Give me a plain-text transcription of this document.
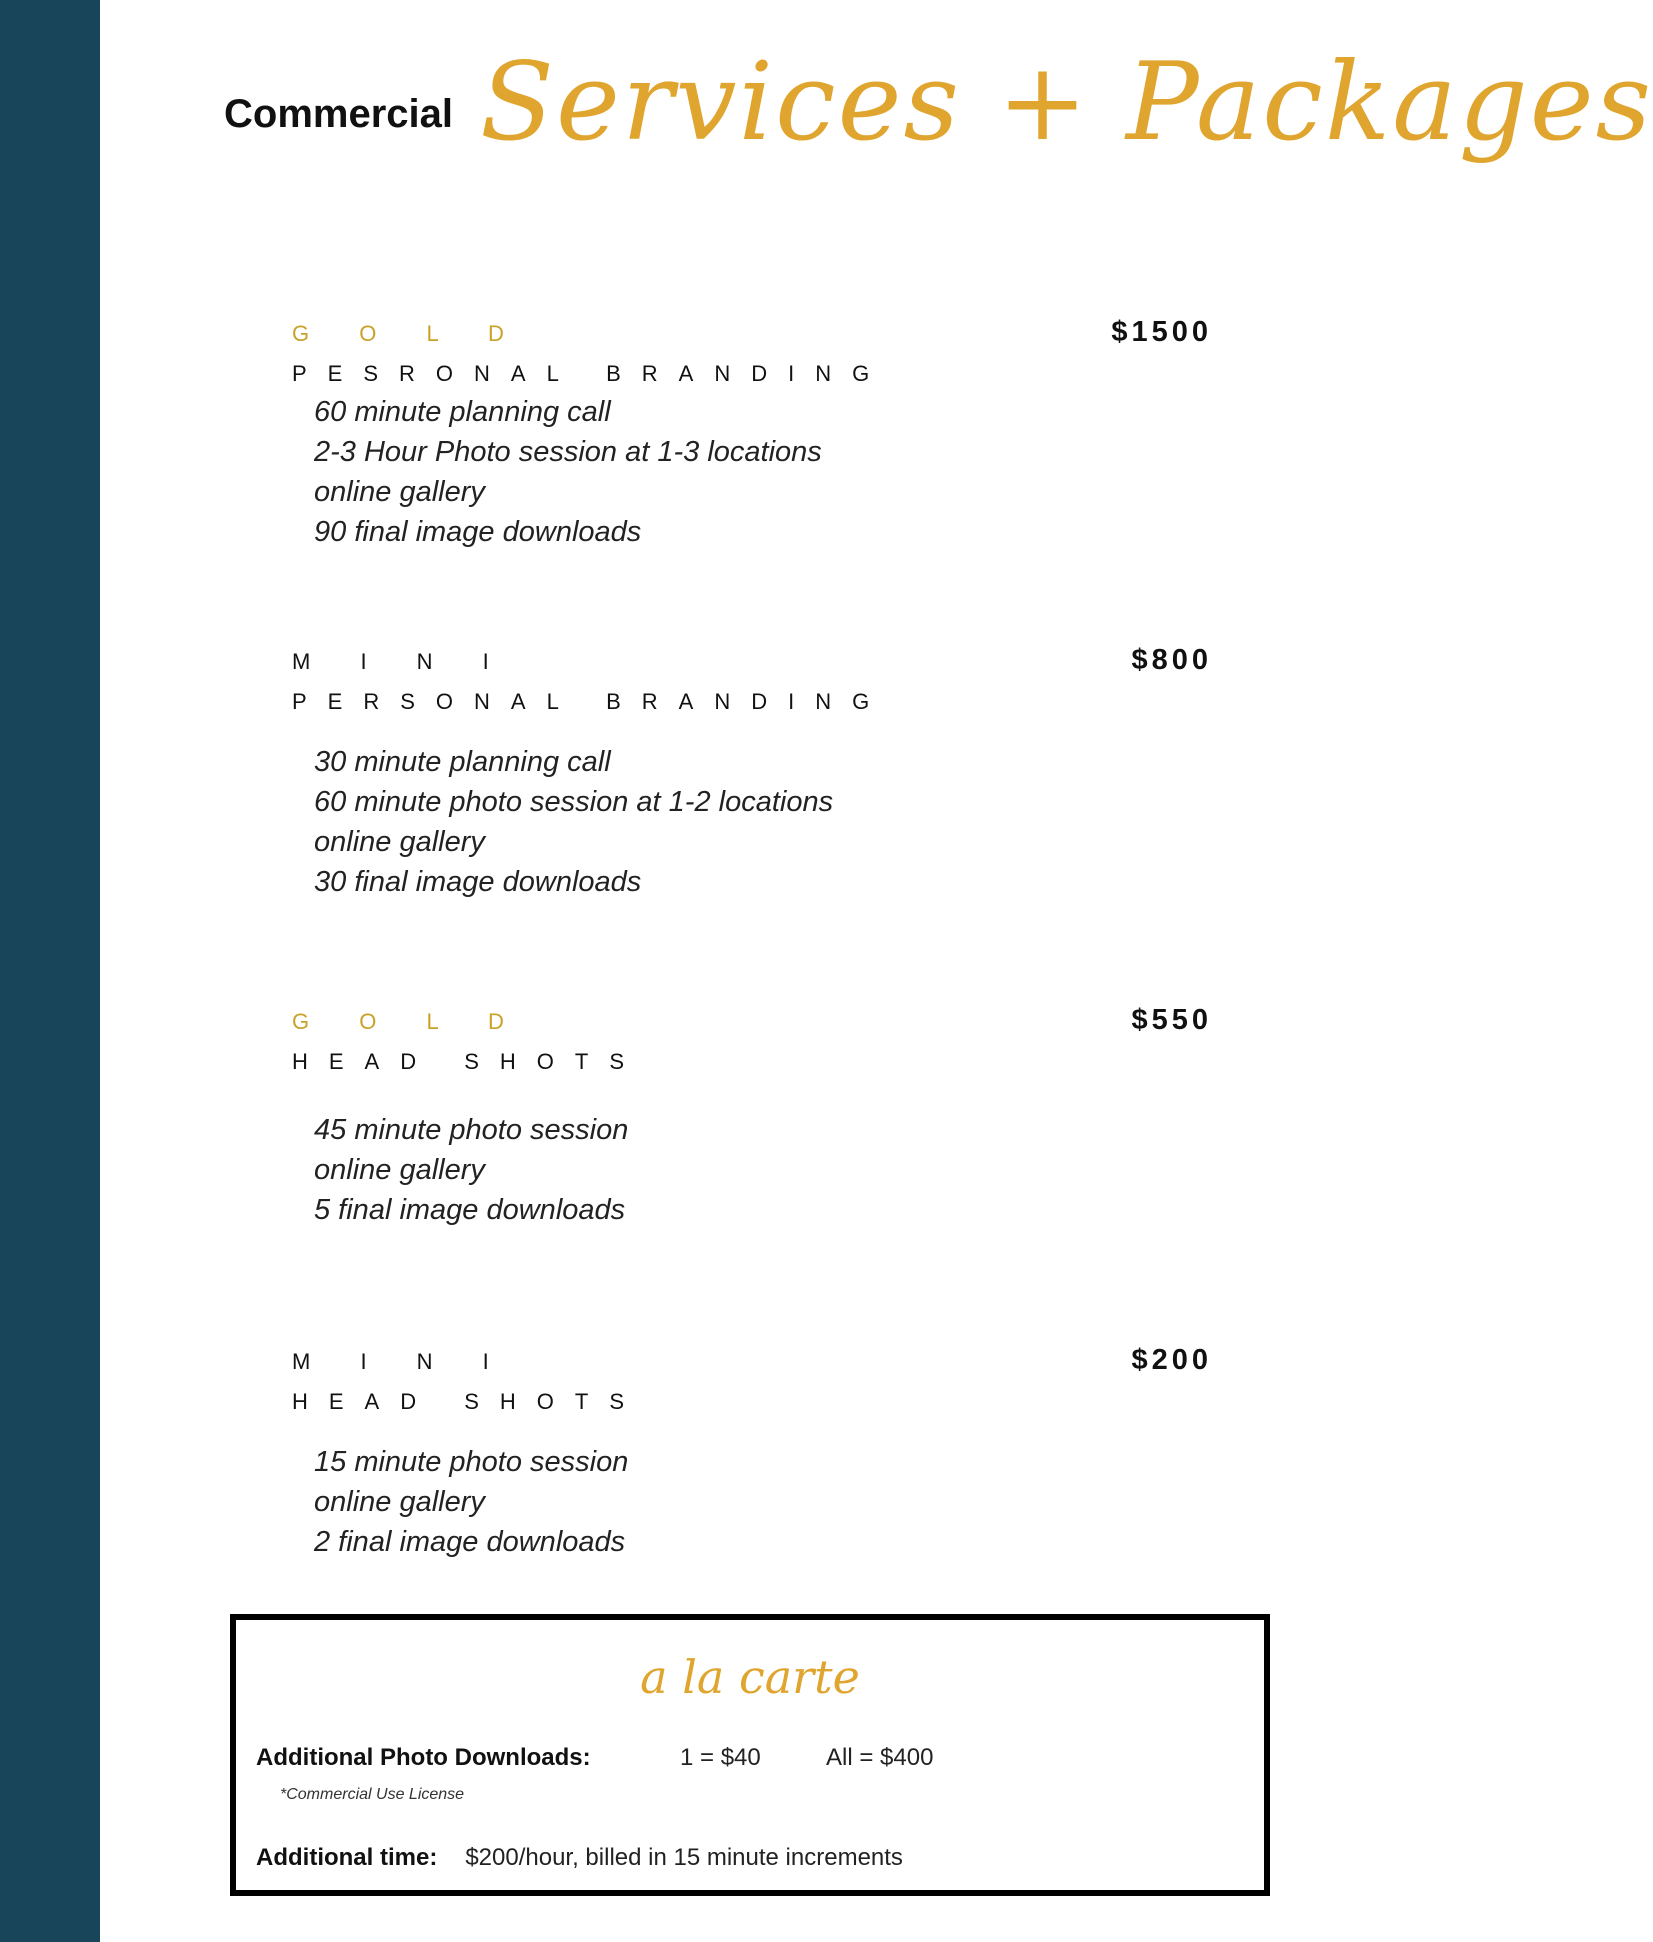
Commercial Services + Packages
G O L D
PESRONAL BRANDING
$1500
60 minute planning call
2-3 Hour Photo session at 1-3 locations
online gallery
90 final image downloads
M I N I
PERSONAL BRANDING
$800
30 minute planning call
60 minute photo session at 1-2 locations
online gallery
30 final image downloads
G O L D
HEAD SHOTS
$550
45 minute photo session
online gallery
5 final image downloads
M I N I
HEAD SHOTS
$200
15 minute photo session
online gallery
2 final image downloads
a la carte
Additional Photo Downloads:	1 = $40	All = $400
*Commercial Use License
Additional time: $200/hour, billed in 15 minute increments
